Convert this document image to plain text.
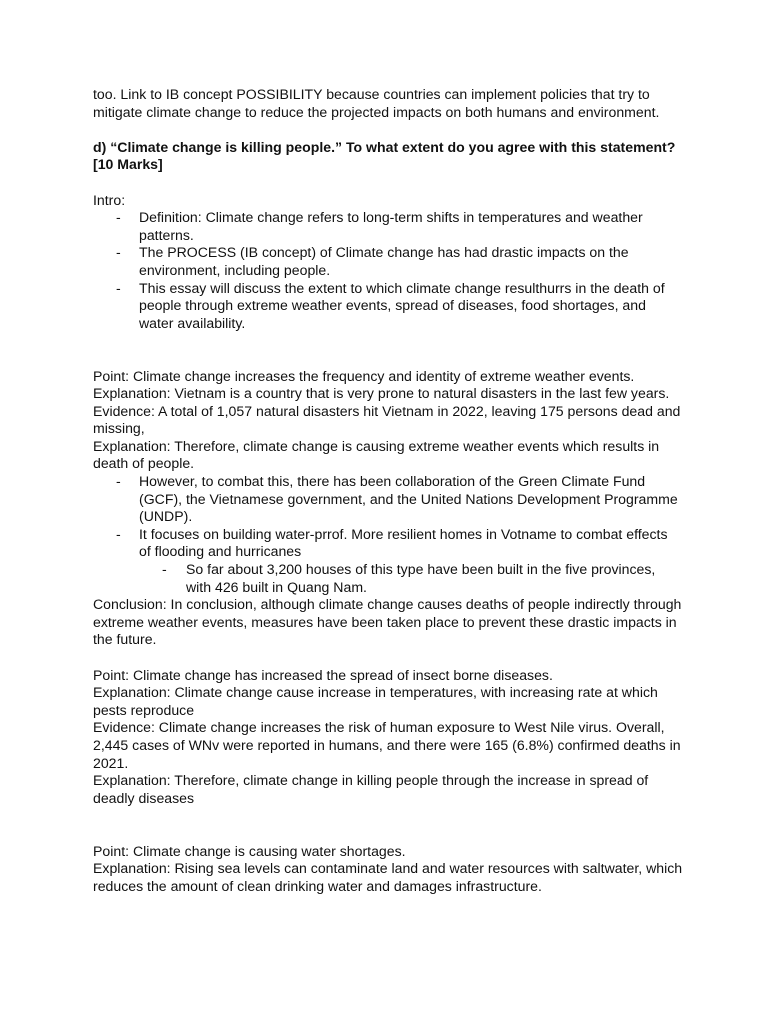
too. Link to IB concept POSSIBILITY because countries can implement policies that try to mitigate climate change to reduce the projected impacts on both humans and environment.

d) “Climate change is killing people.” To what extent do you agree with this statement? [10 Marks]

Intro:

- Definition: Climate change refers to long-term shifts in temperatures and weather patterns.
- The PROCESS (IB concept) of Climate change has had drastic impacts on the environment, including people.
- This essay will discuss the extent to which climate change resulthurrs in the death of people through extreme weather events, spread of diseases, food shortages, and water availability.

Point: Climate change increases the frequency and identity of extreme weather events.

Explanation: Vietnam is a country that is very prone to natural disasters in the last few years.

Evidence: A total of 1,057 natural disasters hit Vietnam in 2022, leaving 175 persons dead and missing,

Explanation: Therefore, climate change is causing extreme weather events which results in death of people.

- However, to combat this, there has been collaboration of the Green Climate Fund (GCF), the Vietnamese government, and the United Nations Development Programme (UNDP).
- It focuses on building water-prrof. More resilient homes in Votname to combat effects of flooding and hurricanes
- So far about 3,200 houses of this type have been built in the five provinces, with 426 built in Quang Nam.

Conclusion: In conclusion, although climate change causes deaths of people indirectly through extreme weather events, measures have been taken place to prevent these drastic impacts in the future.

Point: Climate change has increased the spread of insect borne diseases.

Explanation: Climate change cause increase in temperatures, with increasing rate at which pests reproduce

Evidence: Climate change increases the risk of human exposure to West Nile virus. Overall, 2,445 cases of WNv were reported in humans, and there were 165 (6.8%) confirmed deaths in 2021.

Explanation: Therefore, climate change in killing people through the increase in spread of deadly diseases

Point: Climate change is causing water shortages.

Explanation: Rising sea levels can contaminate land and water resources with saltwater, which reduces the amount of clean drinking water and damages infrastructure.
